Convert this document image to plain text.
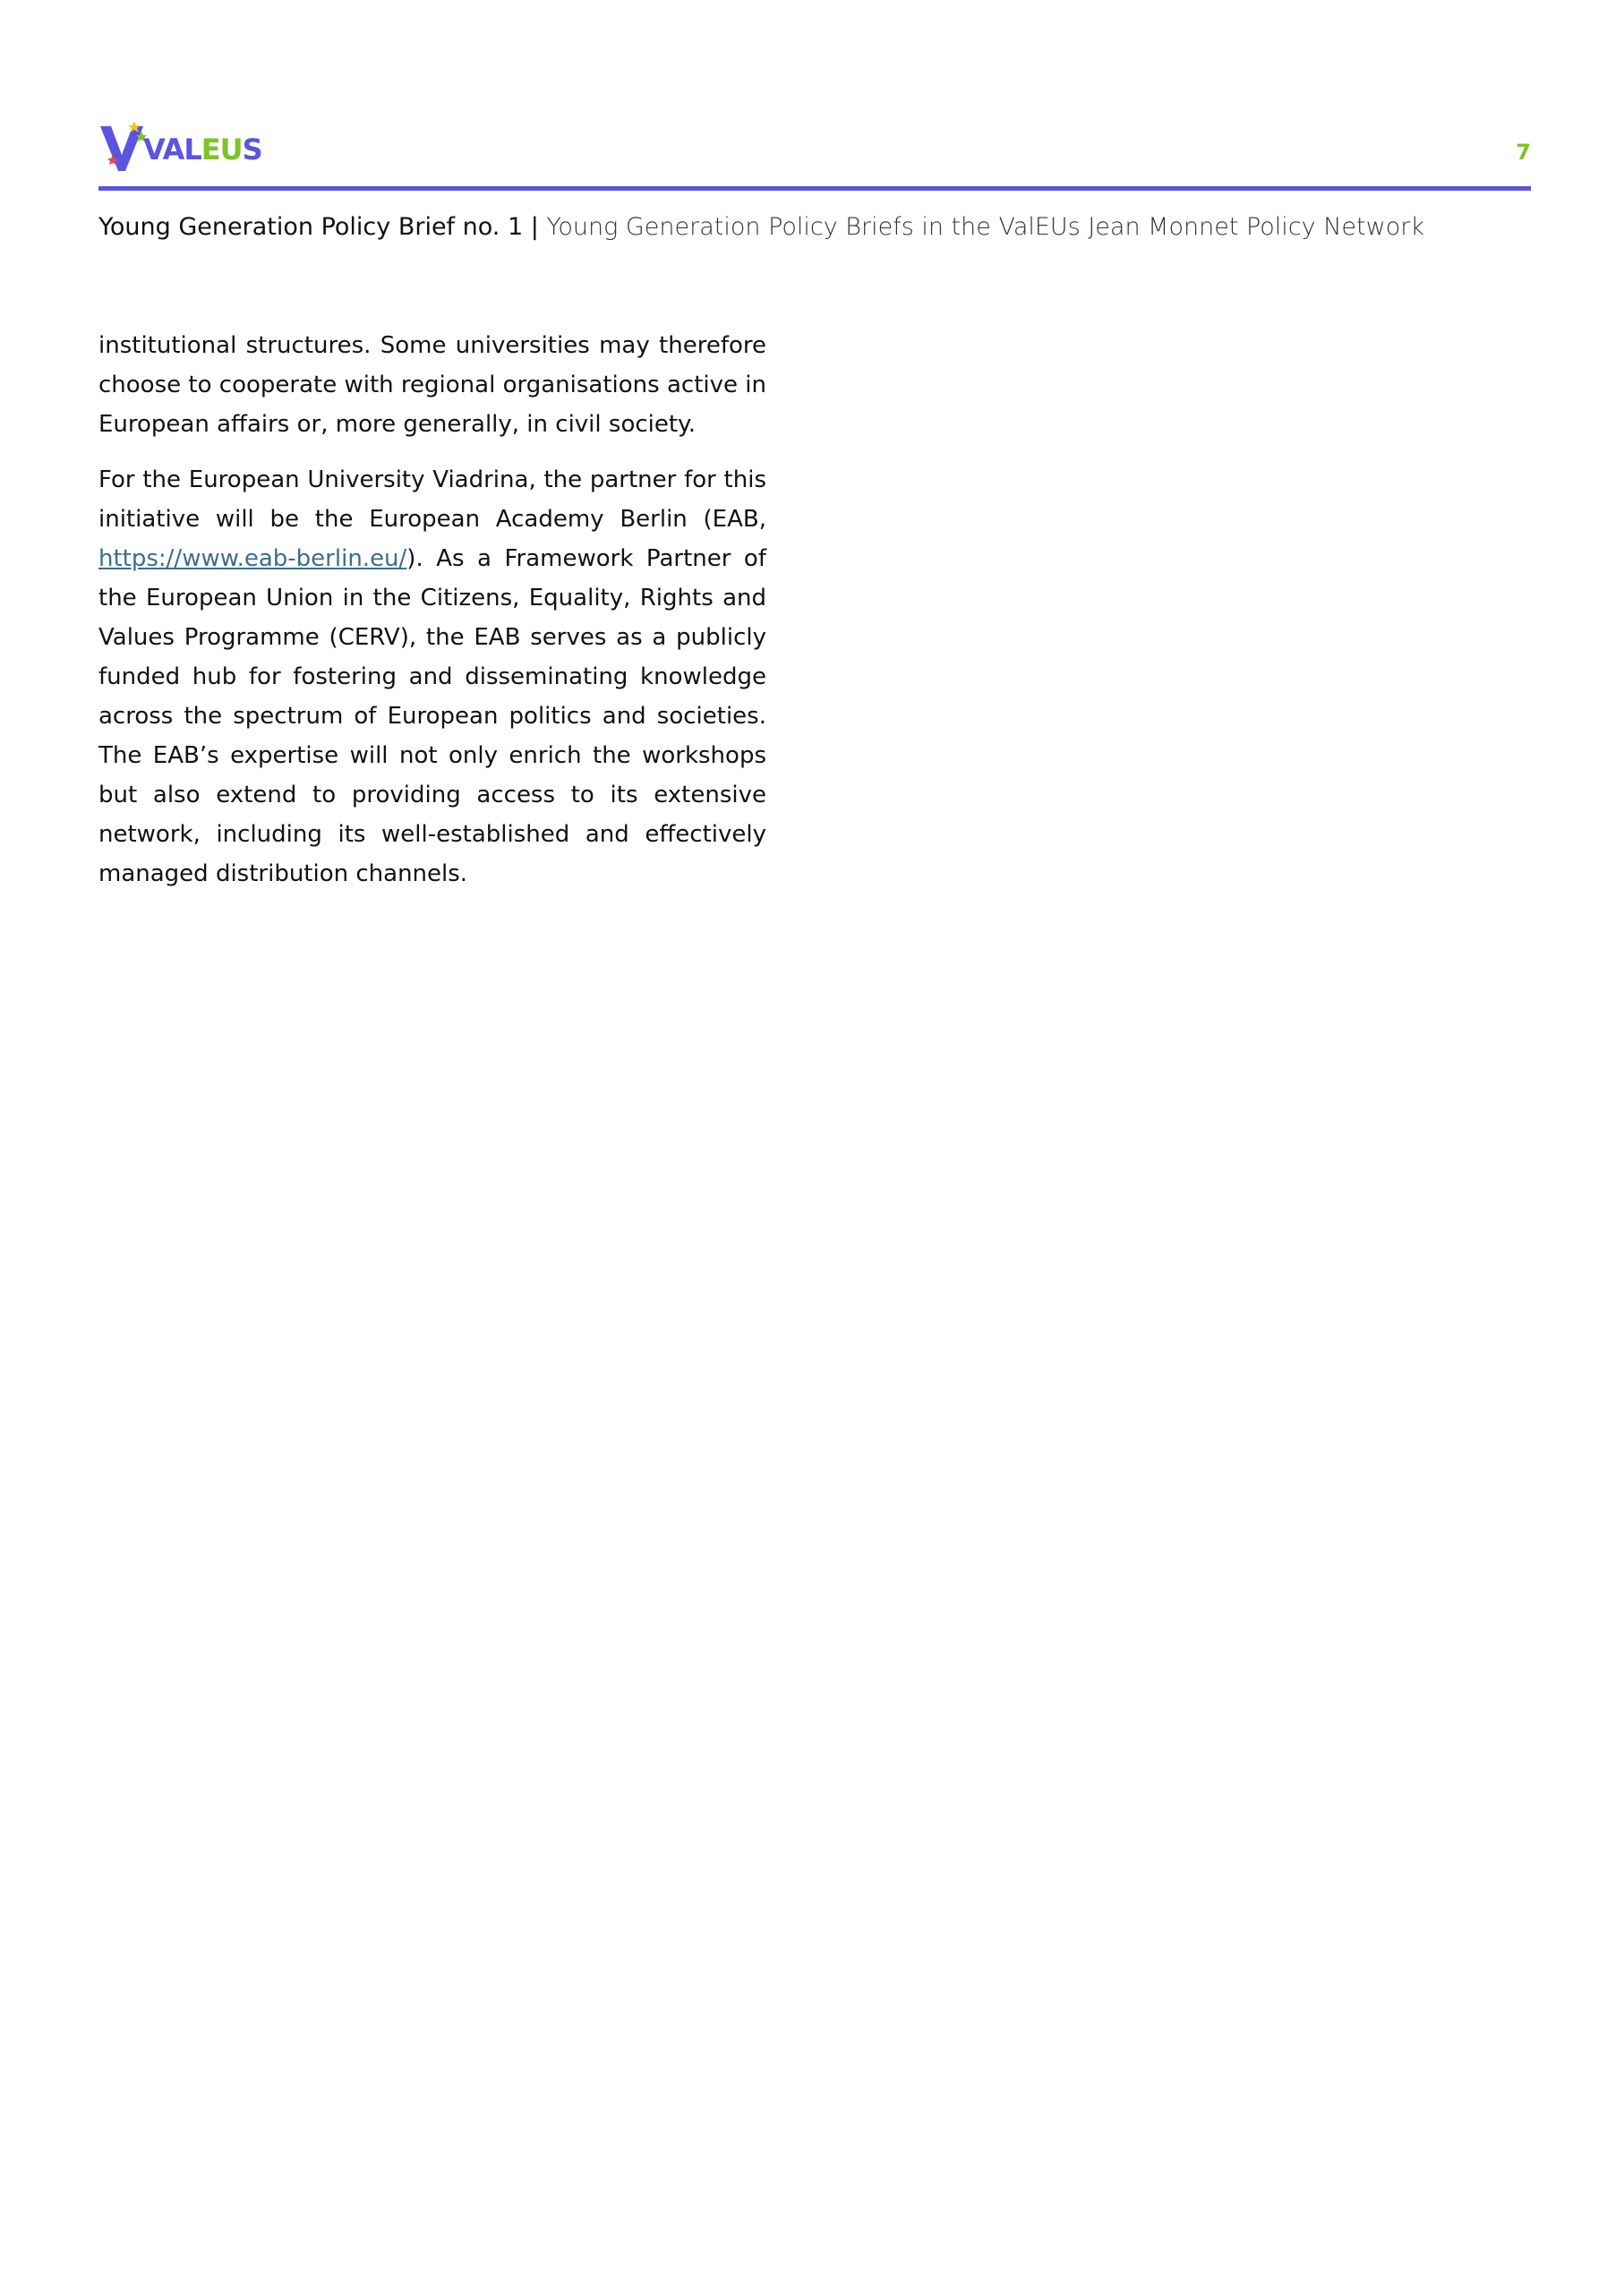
VALEUS	7
Young Generation Policy Brief no. 1 | Young Generation Policy Briefs in the ValEUs Jean Monnet Policy Network

institutional structures. Some universities may therefore choose to cooperate with regional organisations active in European affairs or, more generally, in civil society.

For the European University Viadrina, the partner for this initiative will be the European Academy Berlin (EAB, https://www.eab-berlin.eu/). As a Framework Partner of the European Union in the Citizens, Equality, Rights and Values Programme (CERV), the EAB serves as a publicly funded hub for fostering and disseminating knowledge across the spectrum of European politics and societies. The EAB’s expertise will not only enrich the workshops but also extend to providing access to its extensive network, including its well-established and effectively managed distribution channels.
